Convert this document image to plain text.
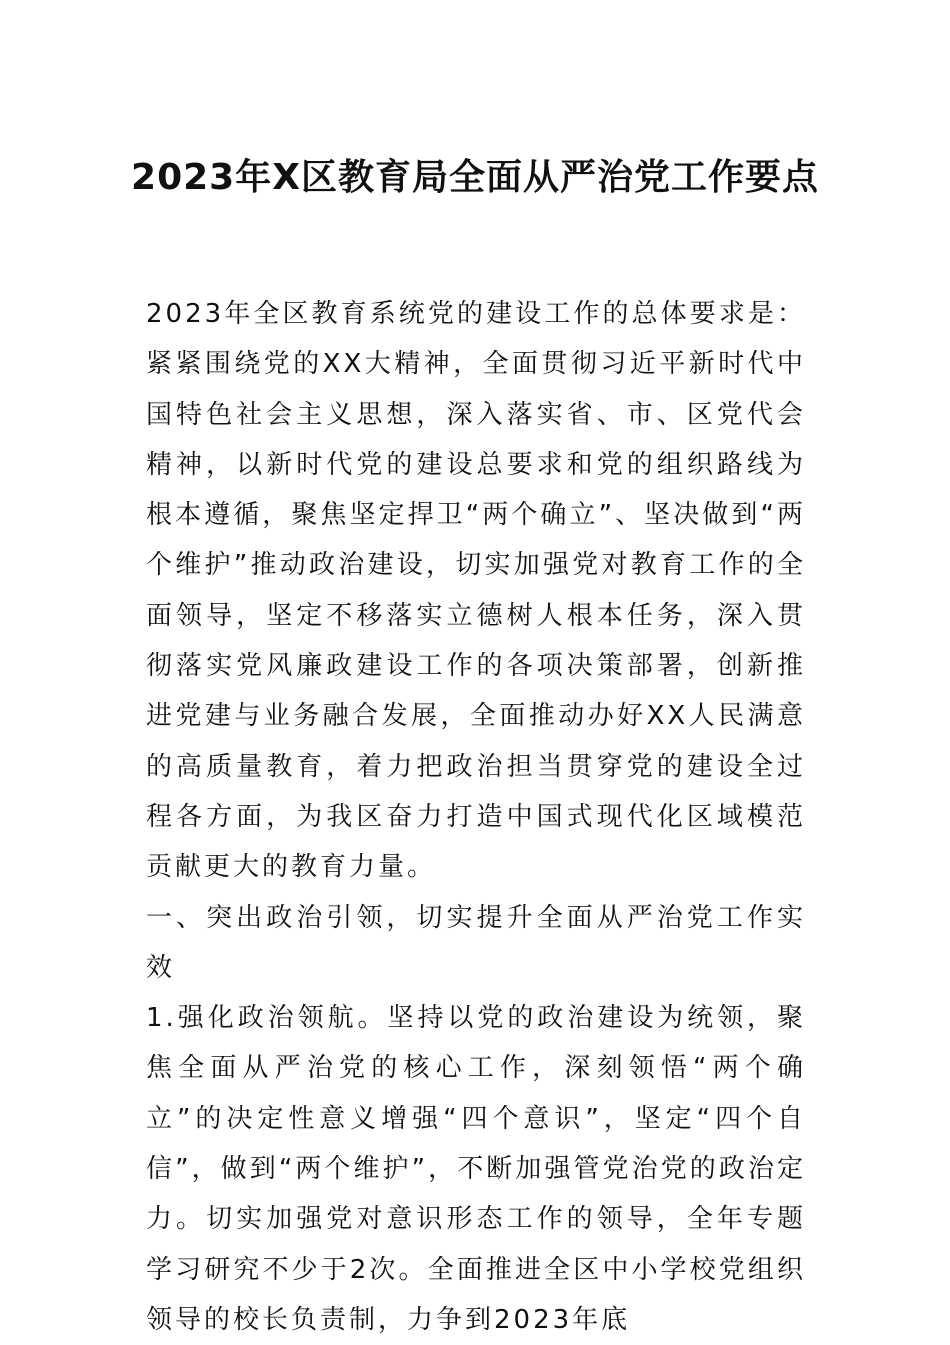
2023年X区教育局全面从严治党工作要点

2023年全区教育系统党的建设工作的总体要求是：紧紧围绕党的XX大精神，全面贯彻习近平新时代中国特色社会主义思想，深入落实省、市、区党代会精神，以新时代党的建设总要求和党的组织路线为根本遵循，聚焦坚定捍卫“两个确立”、坚决做到“两个维护”推动政治建设，切实加强党对教育工作的全面领导，坚定不移落实立德树人根本任务，深入贯彻落实党风廉政建设工作的各项决策部署，创新推进党建与业务融合发展，全面推动办好XX人民满意的高质量教育，着力把政治担当贯穿党的建设全过程各方面，为我区奋力打造中国式现代化区域模范贡献更大的教育力量。

一、突出政治引领，切实提升全面从严治党工作实效

1.强化政治领航。坚持以党的政治建设为统领，聚焦全面从严治党的核心工作，深刻领悟“两个确立”的决定性意义增强“四个意识”，坚定“四个自信”，做到“两个维护”，不断加强管党治党的政治定力。切实加强党对意识形态工作的领导，全年专题学习研究不少于2次。全面推进全区中小学校党组织领导的校长负责制，力争到2023年底
